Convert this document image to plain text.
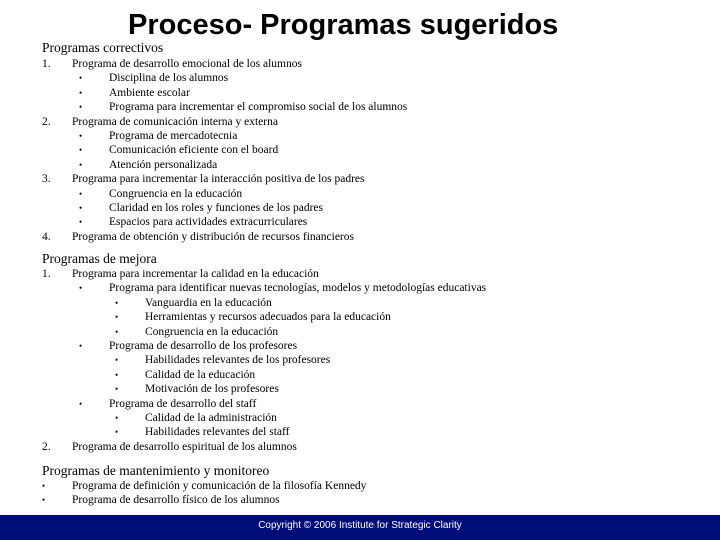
Proceso- Programas sugeridos
Programas correctivos
1. Programa de desarrollo emocional de los alumnos
• Disciplina de los alumnos
• Ambiente escolar
• Programa para incrementar el compromiso social de los alumnos
2. Programa de comunicación interna y externa
• Programa de mercadotecnia
• Comunicación eficiente con el board
• Atención personalizada
3. Programa para incrementar la interacción positiva de los padres
• Congruencia en la educación
• Claridad en los roles y funciones de los padres
• Espacios para actividades extracurriculares
4. Programa de obtención y distribución de recursos financieros
Programas de mejora
1. Programa para incrementar la calidad en la educación
• Programa para identificar nuevas tecnologías, modelos y metodologías educativas
• Vanguardia en la educación
• Herramientas y recursos adecuados para la educación
• Congruencia en la educación
• Programa de desarrollo de los profesores
• Habilidades relevantes de los profesores
• Calidad de la educación
• Motivación de los profesores
• Programa de desarrollo del staff
• Calidad de la administración
• Habilidades relevantes del staff
2. Programa de desarrollo espiritual de los alumnos
Programas de mantenimiento y monitoreo
• Programa de definición y comunicación de la filosofía Kennedy
• Programa de desarrollo físico de los alumnos
Copyright © 2006 Institute for Strategic Clarity
